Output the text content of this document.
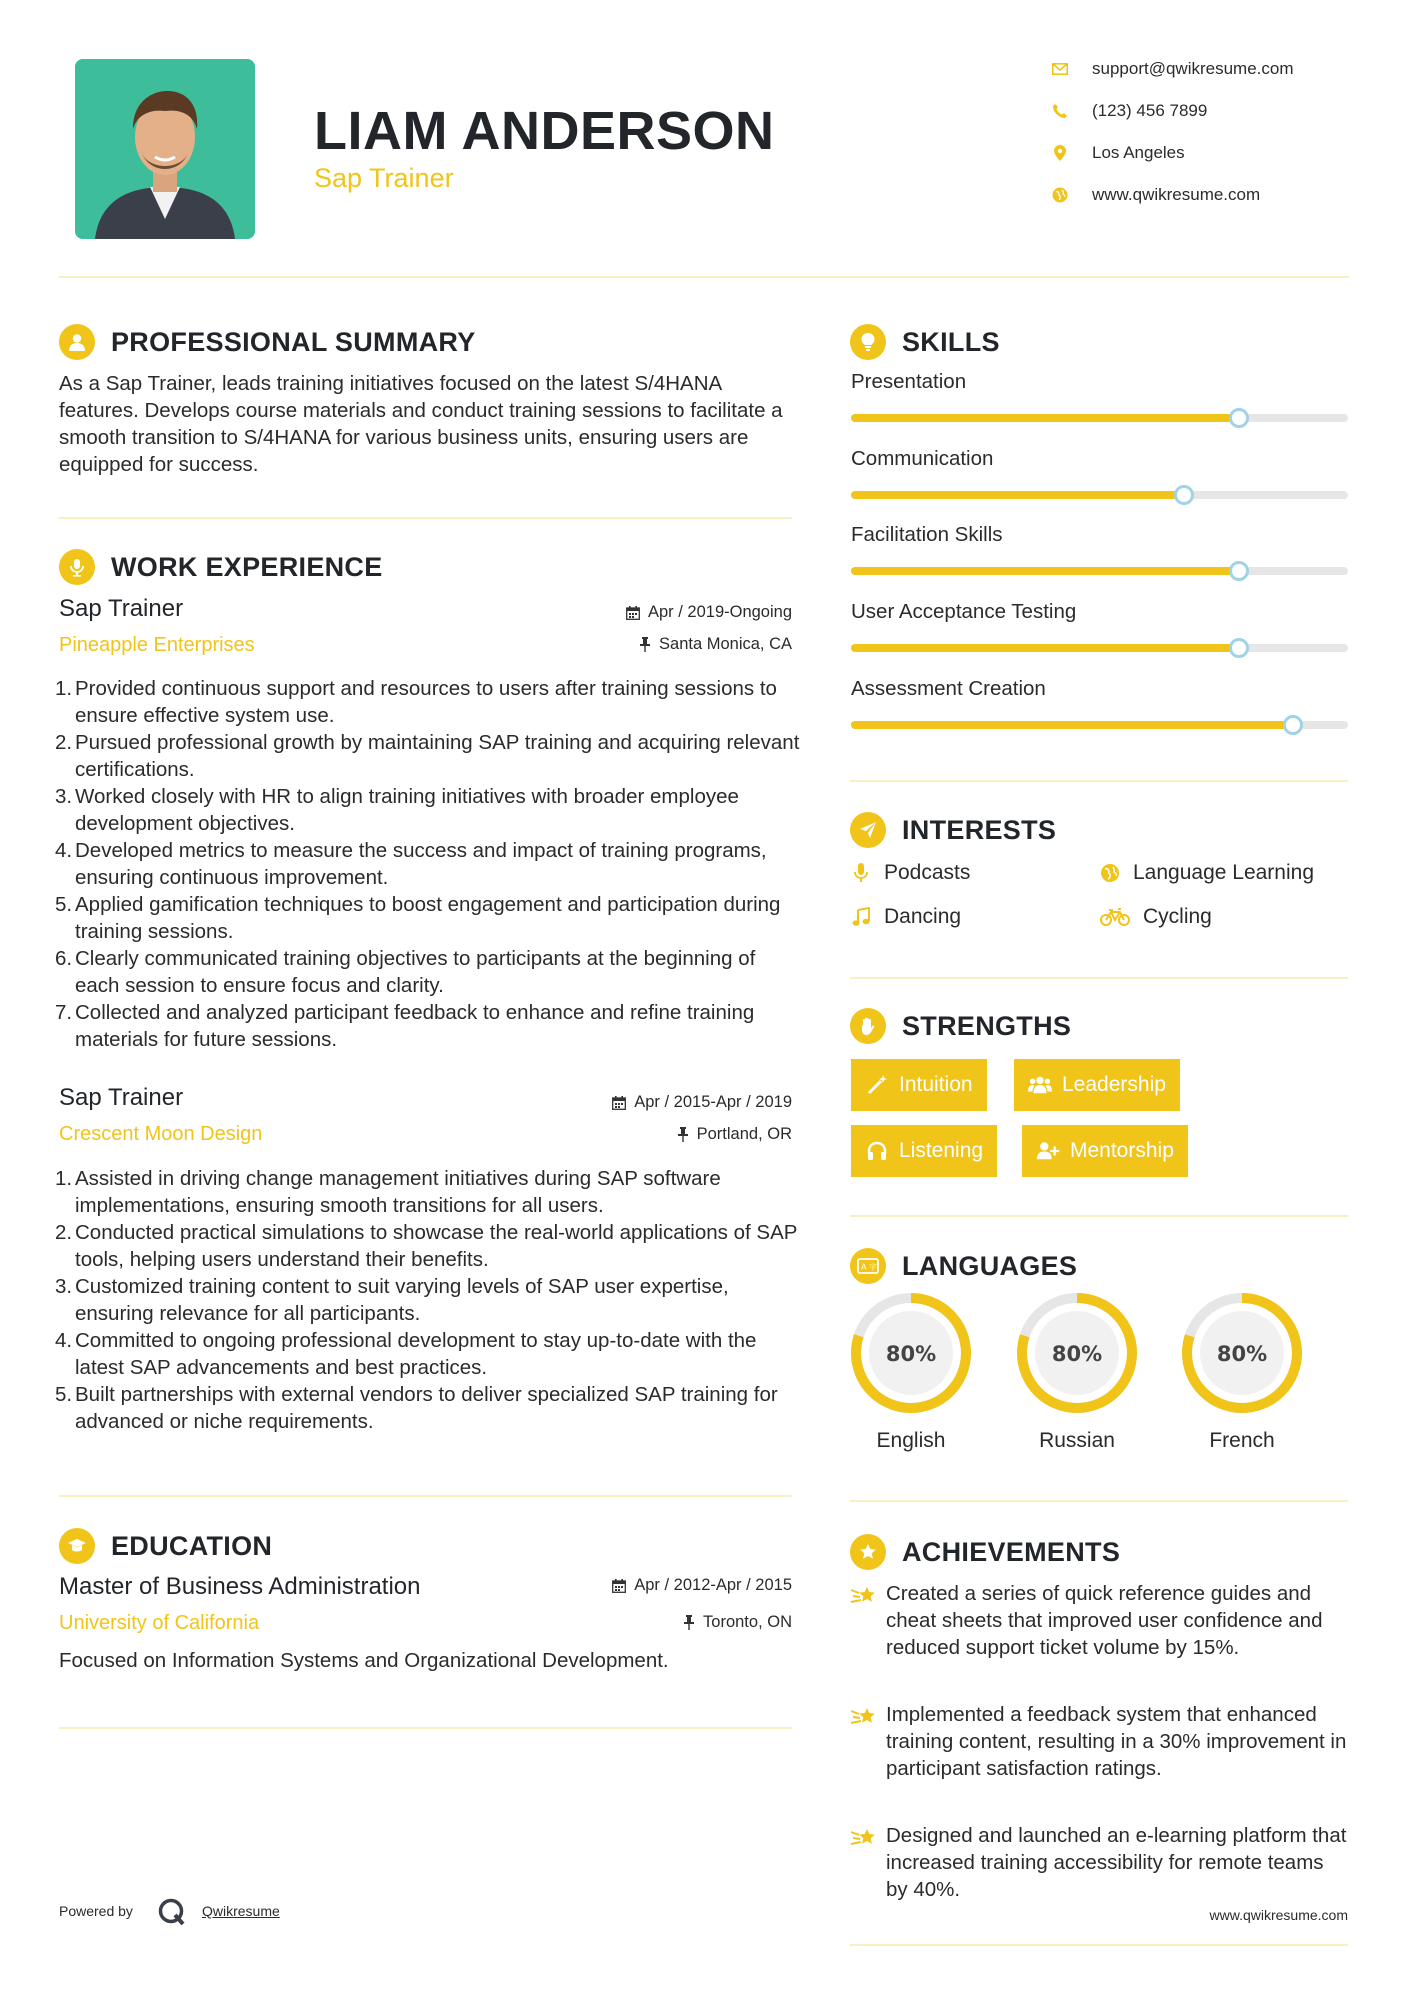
LIAM ANDERSON
Sap Trainer
support@qwikresume.com
(123) 456 7899
Los Angeles
www.qwikresume.com
PROFESSIONAL SUMMARY
As a Sap Trainer, leads training initiatives focused on the latest S/4HANA features. Develops course materials and conduct training sessions to facilitate a smooth transition to S/4HANA for various business units, ensuring users are equipped for success.
WORK EXPERIENCE
Sap Trainer
Pineapple Enterprises
Apr / 2019-Ongoing
Santa Monica, CA
1. Provided continuous support and resources to users after training sessions to ensure effective system use.
2. Pursued professional growth by maintaining SAP training and acquiring relevant certifications.
3. Worked closely with HR to align training initiatives with broader employee development objectives.
4. Developed metrics to measure the success and impact of training programs, ensuring continuous improvement.
5. Applied gamification techniques to boost engagement and participation during training sessions.
6. Clearly communicated training objectives to participants at the beginning of each session to ensure focus and clarity.
7. Collected and analyzed participant feedback to enhance and refine training materials for future sessions.
Sap Trainer
Crescent Moon Design
Apr / 2015-Apr / 2019
Portland, OR
1. Assisted in driving change management initiatives during SAP software implementations, ensuring smooth transitions for all users.
2. Conducted practical simulations to showcase the real-world applications of SAP tools, helping users understand their benefits.
3. Customized training content to suit varying levels of SAP user expertise, ensuring relevance for all participants.
4. Committed to ongoing professional development to stay up-to-date with the latest SAP advancements and best practices.
5. Built partnerships with external vendors to deliver specialized SAP training for advanced or niche requirements.
EDUCATION
Master of Business Administration
University of California
Apr / 2012-Apr / 2015
Toronto, ON
Focused on Information Systems and Organizational Development.
Powered by	Qwikresume
SKILLS
Presentation
Communication
Facilitation Skills
User Acceptance Testing
Assessment Creation
INTERESTS
Podcasts	Language Learning
Dancing	Cycling
STRENGTHS
Intuition	Leadership
Listening	Mentorship
A 字 LANGUAGES
80%
English
80%
Russian
80%
French
ACHIEVEMENTS
Created a series of quick reference guides and cheat sheets that improved user confidence and reduced support ticket volume by 15%.
Implemented a feedback system that enhanced training content, resulting in a 30% improvement in participant satisfaction ratings.
Designed and launched an e-learning platform that increased training accessibility for remote teams by 40%.
www.qwikresume.com
